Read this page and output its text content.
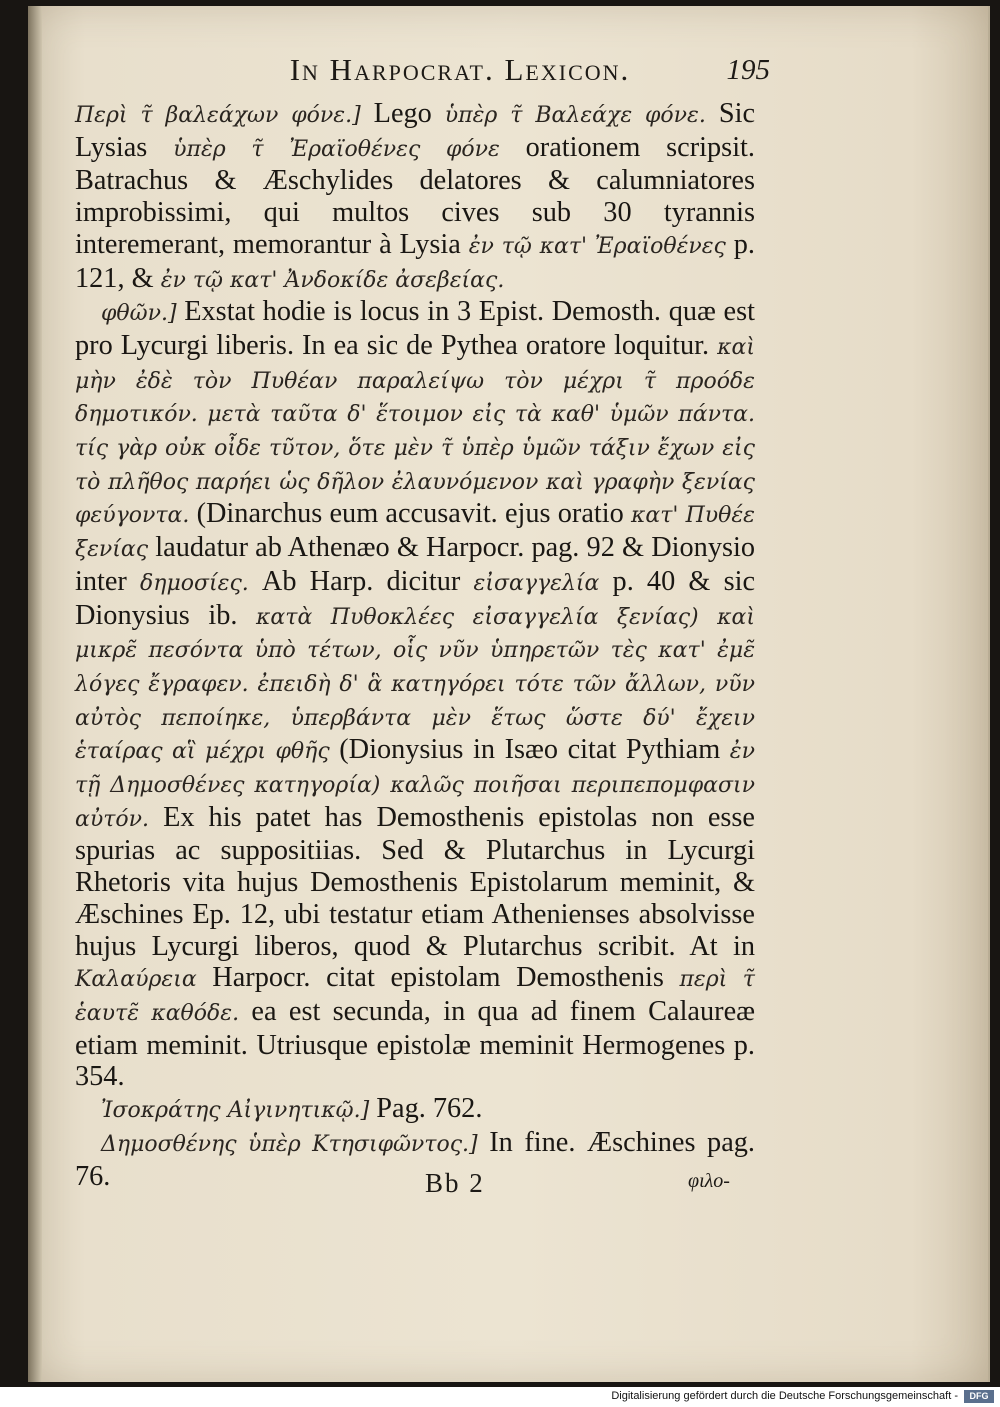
In Harpocrat. Lexicon.	195

Περὶ τ̃ βαλεάχων φόνε.] Lego ὑπὲρ τ̃ Βαλεάχε φόνε. Sic Lysias ὑπὲρ τ̃ Ἐραϊοθένες φόνε orationem scripsit. Batrachus & Æschylides delatores & calumniatores improbissimi, qui multos cives sub 30 tyrannis interemerant, memorantur à Lysia ἐν τῷ κατ' Ἐραϊοθένες p. 121, & ἐν τῷ κατ' Ἀνδοκίδε ἀσεβείας.

φθῶν.] Exstat hodie is locus in 3 Epist. Demosth. quæ est pro Lycurgi liberis. In ea sic de Pythea oratore loquitur. καὶ μὴν ἐδὲ τὸν Πυθέαν παραλείψω τὸν μέχρι τ̃ προόδε δημοτικόν. μετὰ ταῦτα δ' ἕτοιμον εἰς τὰ καθ' ὑμῶν πάντα. τίς γὰρ οὐκ οἶδε τῦτον, ὅτε μὲν τ̃ ὑπὲρ ὑμῶν τάξιν ἔχων εἰς τὸ πλῆθος παρήει ὡς δῆλον ἐλαυνόμενον καὶ γραφὴν ξενίας φεύγοντα. (Dinarchus eum accusavit. ejus oratio κατ' Πυθέε ξενίας laudatur ab Athenæo & Harpocr. pag. 92 & Dionysio inter δημοσίες. Ab Harp. dicitur εἰσαγγελία p. 40 & sic Dionysius ib. κατὰ Πυθοκλέες εἰσαγγελία ξενίας) καὶ μικρε̃ πεσόντα ὑπὸ τέτων, οἷς νῦν ὑπηρετῶν τὲς κατ' ἐμε̃ λόγες ἔγραφεν. ἐπειδὴ δ' ἃ κατηγόρει τότε τῶν ἄλλων, νῦν αὐτὸς πεποίηκε, ὑπερβάντα μὲν ἕτως ὥστε δύ' ἔχειν ἑταίρας αἳ μέχρι φθῆς (Dionysius in Isæo citat Pythiam ἐν τῇ Δημοσθένες κατηγορία) καλῶς ποιῆσαι περιπεπομφασιν αὐτόν. Ex his patet has Demosthenis epistolas non esse spurias ac suppositiias. Sed & Plutarchus in Lycurgi Rhetoris vita hujus Demosthenis Epistolarum meminit, & Æschines Ep. 12, ubi testatur etiam Athenienses absolvisse hujus Lycurgi liberos, quod & Plutarchus scribit. At in Καλαύρεια Harpocr. citat epistolam Demosthenis περὶ τ̃ ἑαυτε̃ καθόδε. ea est secunda, in qua ad finem Calaureæ etiam meminit. Utriusque epistolæ meminit Hermogenes p. 354.

Ἰσοκράτης Αἰγινητικῷ.] Pag. 762.

Δημοσθένης ὑπὲρ Κτησιφῶντος.] In fine. Æschines pag. 76.	Bb 2	φιλο-
Digitalisierung gefördert durch die Deutsche Forschungsgemeinschaft -	DFG
